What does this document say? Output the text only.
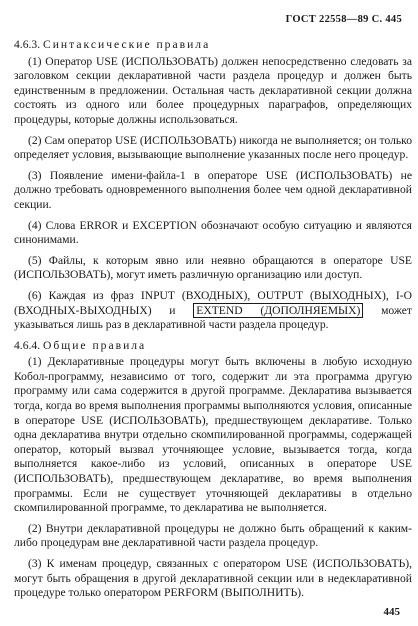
ГОСТ 22558—89 С. 445
4.6.3. Синтаксические правила

(1) Оператор USE (ИСПОЛЬЗОВАТЬ) должен непосредственно следовать за заголовком секции декларативной части раздела процедур и должен быть единственным в предложении. Остальная часть декларативной секции должна состоять из одного или более процедурных параграфов, определяющих процедуры, которые должны использоваться.

(2) Сам оператор USE (ИСПОЛЬЗОВАТЬ) никогда не выполняется; он только определяет условия, вызывающие выполнение указанных после него процедур.

(3) Появление имени-файла-1 в операторе USE (ИСПОЛЬЗОВАТЬ) не должно требовать одновременного выполнения более чем одной декларативной секции.

(4) Слова ERROR и EXCEPTION обозначают особую ситуацию и являются синонимами.

(5) Файлы, к которым явно или неявно обращаются в операторе USE (ИСПОЛЬЗОВАТЬ), могут иметь различную организацию или доступ.

(6) Каждая из фраз INPUT (ВХОДНЫХ), OUTPUT (ВЫХОДНЫХ), I-O (ВХОДНЫХ-ВЫХОДНЫХ) и EXTEND (ДОПОЛНЯЕМЫХ) может указываться лишь раз в декларативной части раздела процедур.

4.6.4. Общие правила

(1) Декларативные процедуры могут быть включены в любую исходную Кобол-программу, независимо от того, содержит ли эта программа другую программу или сама содержится в другой программе. Декларатива вызывается тогда, когда во время выполнения программы выполняются условия, описанные в операторе USE (ИСПОЛЬЗОВАТЬ), предшествующем декларативе. Только одна декларатива внутри отдельно скомпилированной программы, содержащей оператор, который вызвал уточняющее условие, вызывается тогда, когда выполняется какое-либо из условий, описанных в операторе USE (ИСПОЛЬЗОВАТЬ), предшествующем декларативе, во время выполнения программы. Если не существует уточняющей декларативы в отдельно скомпилированной программе, то декларатива не выполняется.

(2) Внутри декларативной процедуры не должно быть обращений к каким-либо процедурам вне декларативной части раздела процедур.

(3) К именам процедур, связанных с оператором USE (ИСПОЛЬЗОВАТЬ), могут быть обращения в другой декларативной секции или в недекларативной процедуре только оператором PERFORM (ВЫПОЛНИТЬ).

445
